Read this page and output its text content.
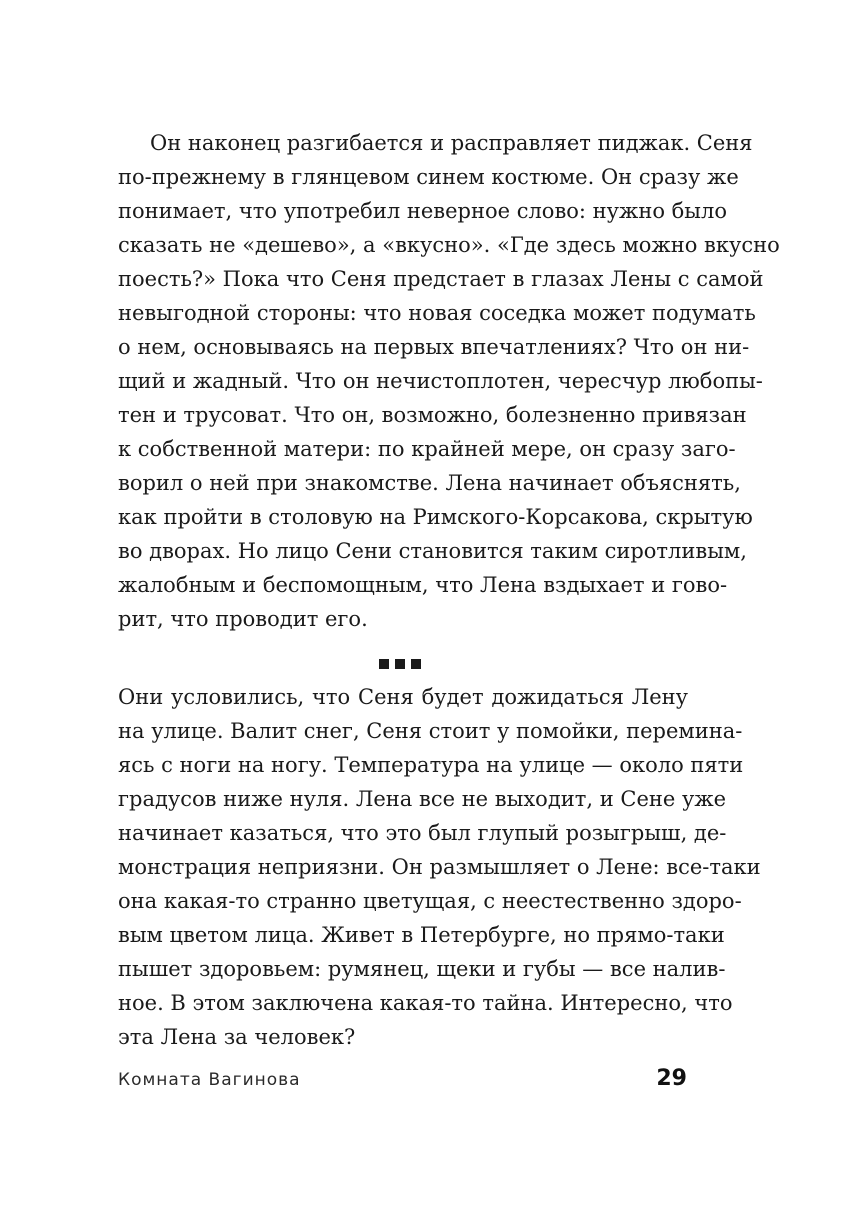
Он наконец разгибается и расправляет пиджак. Сеня
по-прежнему в глянцевом синем костюме. Он сразу же
понимает, что употребил неверное слово: нужно было
сказать не «дешево», а «вкусно». «Где здесь можно вкусно
поесть?» Пока что Сеня предстает в глазах Лены с самой
невыгодной стороны: что новая соседка может подумать
о нем, основываясь на первых впечатлениях? Что он ни-
щий и жадный. Что он нечистоплотен, чересчур любопы-
тен и трусоват. Что он, возможно, болезненно привязан
к собственной матери: по крайней мере, он сразу заго-
ворил о ней при знакомстве. Лена начинает объяснять,
как пройти в столовую на Римского-Корсакова, скрытую
во дворах. Но лицо Сени становится таким сиротливым,
жалобным и беспомощным, что Лена вздыхает и гово-
рит, что проводит его.
Они условились, что Сеня будет дожидаться Лену
на улице. Валит снег, Сеня стоит у помойки, перемина-
ясь с ноги на ногу. Температура на улице — около пяти
градусов ниже нуля. Лена все не выходит, и Сене уже
начинает казаться, что это был глупый розыгрыш, де-
монстрация неприязни. Он размышляет о Лене: все-таки
она какая-то странно цветущая, с неестественно здоро-
вым цветом лица. Живет в Петербурге, но прямо-таки
пышет здоровьем: румянец, щеки и губы — все налив-
ное. В этом заключена какая-то тайна. Интересно, что
эта Лена за человек?
Комната Вагинова	29
